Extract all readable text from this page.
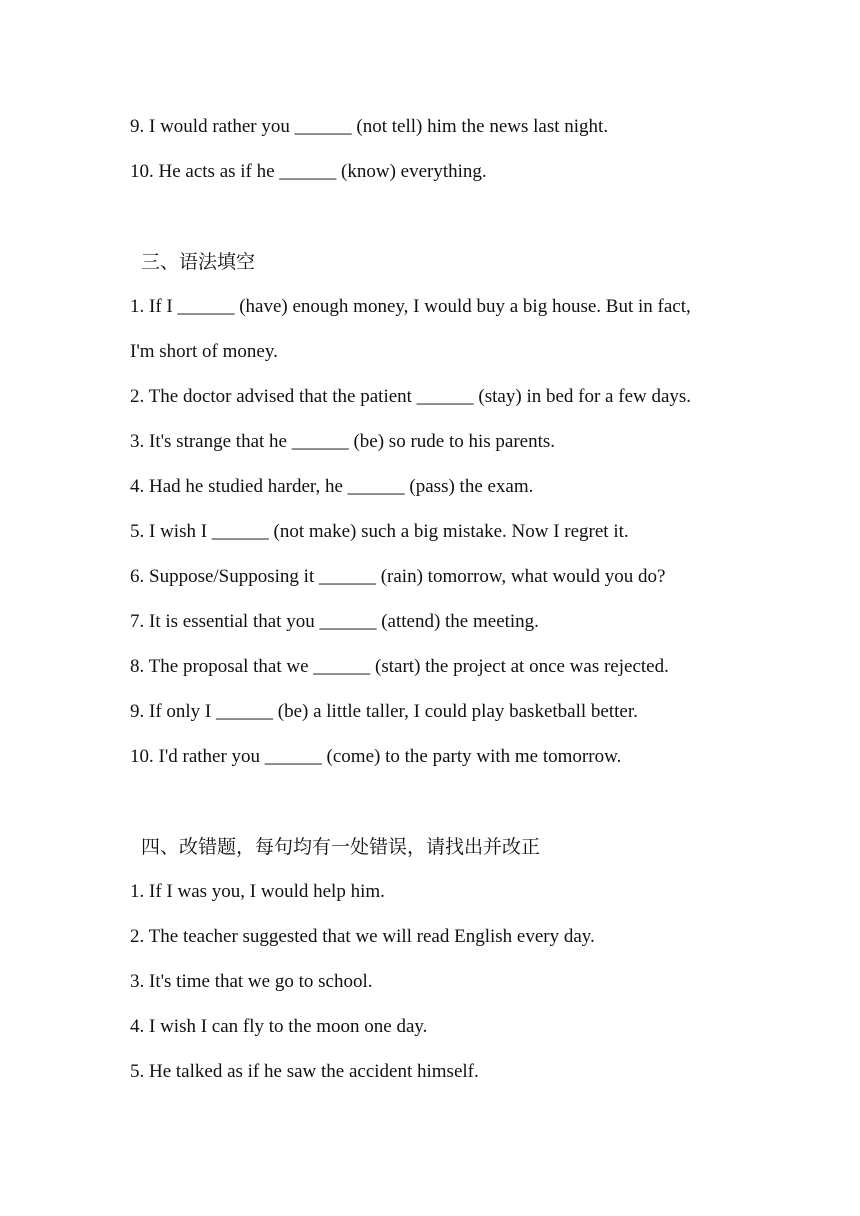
9. I would rather you ______ (not tell) him the news last night.
10. He acts as if he ______ (know) everything.
三、语法填空
1. If I ______ (have) enough money, I would buy a big house. But in fact,
I'm short of money.
2. The doctor advised that the patient ______ (stay) in bed for a few days.
3. It's strange that he ______ (be) so rude to his parents.
4. Had he studied harder, he ______ (pass) the exam.
5. I wish I ______ (not make) such a big mistake. Now I regret it.
6. Suppose/Supposing it ______ (rain) tomorrow, what would you do?
7. It is essential that you ______ (attend) the meeting.
8. The proposal that we ______ (start) the project at once was rejected.
9. If only I ______ (be) a little taller, I could play basketball better.
10. I'd rather you ______ (come) to the party with me tomorrow.
四、改错题，每句均有一处错误，请找出并改正
1. If I was you, I would help him.
2. The teacher suggested that we will read English every day.
3. It's time that we go to school.
4. I wish I can fly to the moon one day.
5. He talked as if he saw the accident himself.
